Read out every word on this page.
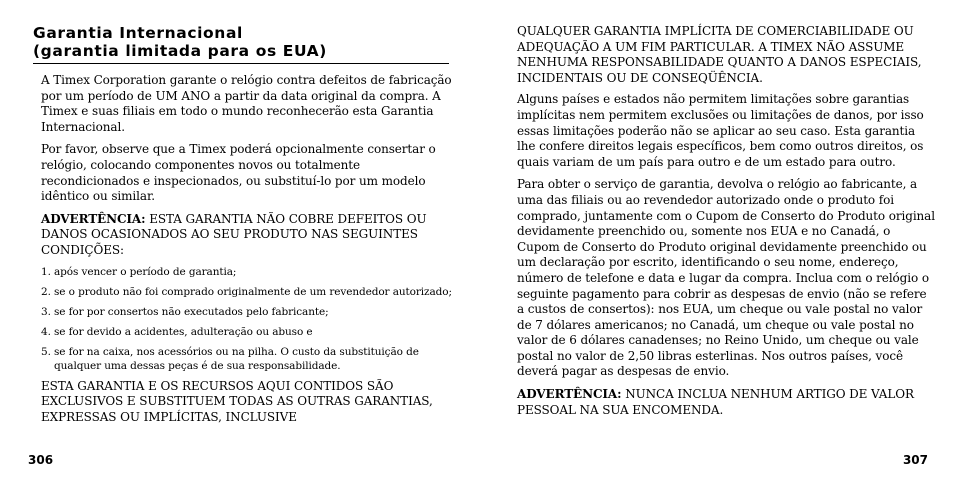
Garantia Internacional
(garantia limitada para os EUA)

A Timex Corporation garante o relógio contra defeitos de fabricação por um período de UM ANO a partir da data original da compra. A Timex e suas filiais em todo o mundo reconhecerão esta Garantia Internacional.

Por favor, observe que a Timex poderá opcionalmente consertar o relógio, colocando componentes novos ou totalmente recondicionados e inspecionados, ou substituí-lo por um modelo idêntico ou similar.

ADVERTÊNCIA: ESTA GARANTIA NÃO COBRE DEFEITOS OU DANOS OCASIONADOS AO SEU PRODUTO NAS SEGUINTES CONDIÇÕES:

1. após vencer o período de garantia;
2. se o produto não foi comprado originalmente de um revendedor autorizado;
3. se for por consertos não executados pelo fabricante;
4. se for devido a acidentes, adulteração ou abuso e
5. se for na caixa, nos acessórios ou na pilha. O custo da substituição de qualquer uma dessas peças é de sua responsabilidade.

ESTA GARANTIA E OS RECURSOS AQUI CONTIDOS SÃO EXCLUSIVOS E SUBSTITUEM TODAS AS OUTRAS GARANTIAS, EXPRESSAS OU IMPLÍCITAS, INCLUSIVE

306

QUALQUER GARANTIA IMPLÍCITA DE COMERCIABILIDADE OU ADEQUAÇÃO A UM FIM PARTICULAR. A TIMEX NÃO ASSUME NENHUMA RESPONSABILIDADE QUANTO A DANOS ESPECIAIS, INCIDENTAIS OU DE CONSEQÜÊNCIA.

Alguns países e estados não permitem limitações sobre garantias implícitas nem permitem exclusões ou limitações de danos, por isso essas limitações poderão não se aplicar ao seu caso. Esta garantia lhe confere direitos legais específicos, bem como outros direitos, os quais variam de um país para outro e de um estado para outro.

Para obter o serviço de garantia, devolva o relógio ao fabricante, a uma das filiais ou ao revendedor autorizado onde o produto foi comprado, juntamente com o Cupom de Conserto do Produto original devidamente preenchido ou, somente nos EUA e no Canadá, o Cupom de Conserto do Produto original devidamente preenchido ou um declaração por escrito, identificando o seu nome, endereço, número de telefone e data e lugar da compra. Inclua com o relógio o seguinte pagamento para cobrir as despesas de envio (não se refere a custos de consertos): nos EUA, um cheque ou vale postal no valor de 7 dólares americanos; no Canadá, um cheque ou vale postal no valor de 6 dólares canadenses; no Reino Unido, um cheque ou vale postal no valor de 2,50 libras esterlinas. Nos outros países, você deverá pagar as despesas de envio.

ADVERTÊNCIA: NUNCA INCLUA NENHUM ARTIGO DE VALOR PESSOAL NA SUA ENCOMENDA.

307
